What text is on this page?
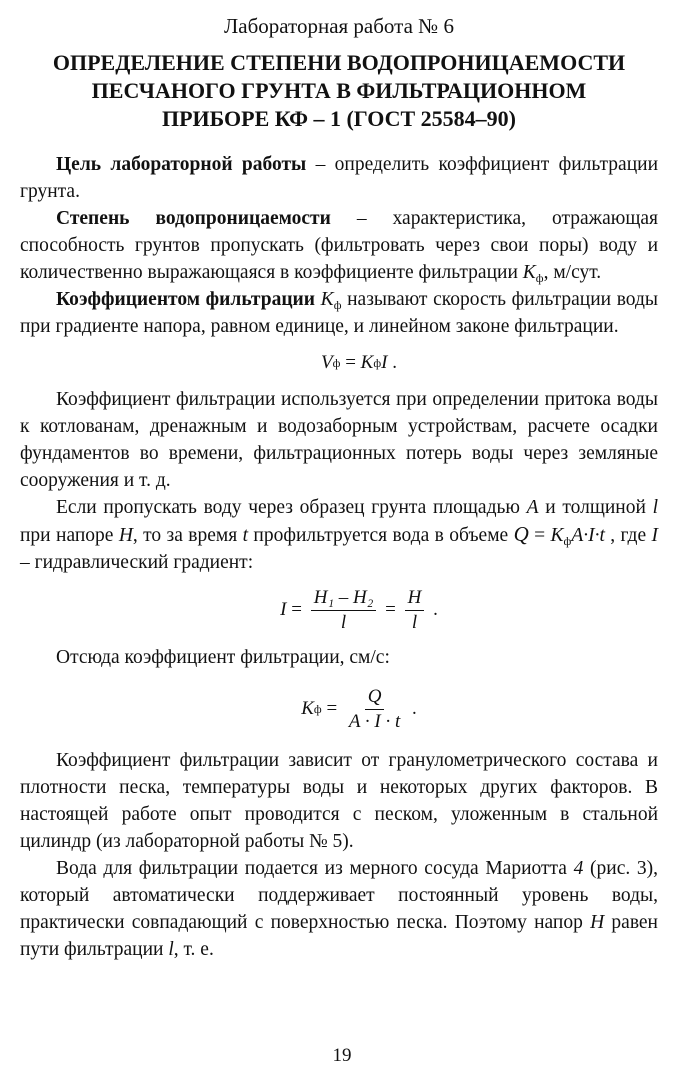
Лабораторная работа № 6
ОПРЕДЕЛЕНИЕ СТЕПЕНИ ВОДОПРОНИЦАЕМОСТИ
ПЕСЧАНОГО ГРУНТА В ФИЛЬТРАЦИОННОМ
ПРИБОРЕ КФ – 1 (ГОСТ 25584–90)

Цель лабораторной работы – определить коэффициент фильтрации грунта.

Степень водопроницаемости – характеристика, отражающая способность грунтов пропускать (фильтровать через свои поры) воду и количественно выражающаяся в коэффициенте фильтрации $K_ф$, м/сут.

Коэффициентом фильтрации $K_ф$ называют скорость фильтрации воды при градиенте напора, равном единице, и линейном законе фильтрации.

V ф = K ф I .

Коэффициент фильтрации используется при определении притока воды к котлованам, дренажным и водозаборным устройствам, расчете осадки фундаментов во времени, фильтрационных потерь воды через земляные сооружения и т. д.

Если пропускать воду через образец грунта площадью A и толщиной l при напоре H, то за время t профильтруется вода в объеме $Q = K_фA\cdot I\cdot t$ , где I – гидравлический градиент:

$I = \frac{\text{H₁ – H₂}}{l} = \frac{H}{l}$ .

Отсюда коэффициент фильтрации, см/с:

K $ф = \frac{Q}{A \cdot I \cdot t}$ .

Коэффициент фильтрации зависит от гранулометрического состава и плотности песка, температуры воды и некоторых других факторов. В настоящей работе опыт проводится с песком, уложенным в стальной цилиндр (из лабораторной работы № 5).

Вода для фильтрации подается из мерного сосуда Мариотта 4 (рис. 3), который автоматически поддерживает постоянный уровень воды, практически совпадающий с поверхностью песка. Поэтому напор H равен пути фильтрации l, т. е.

19
